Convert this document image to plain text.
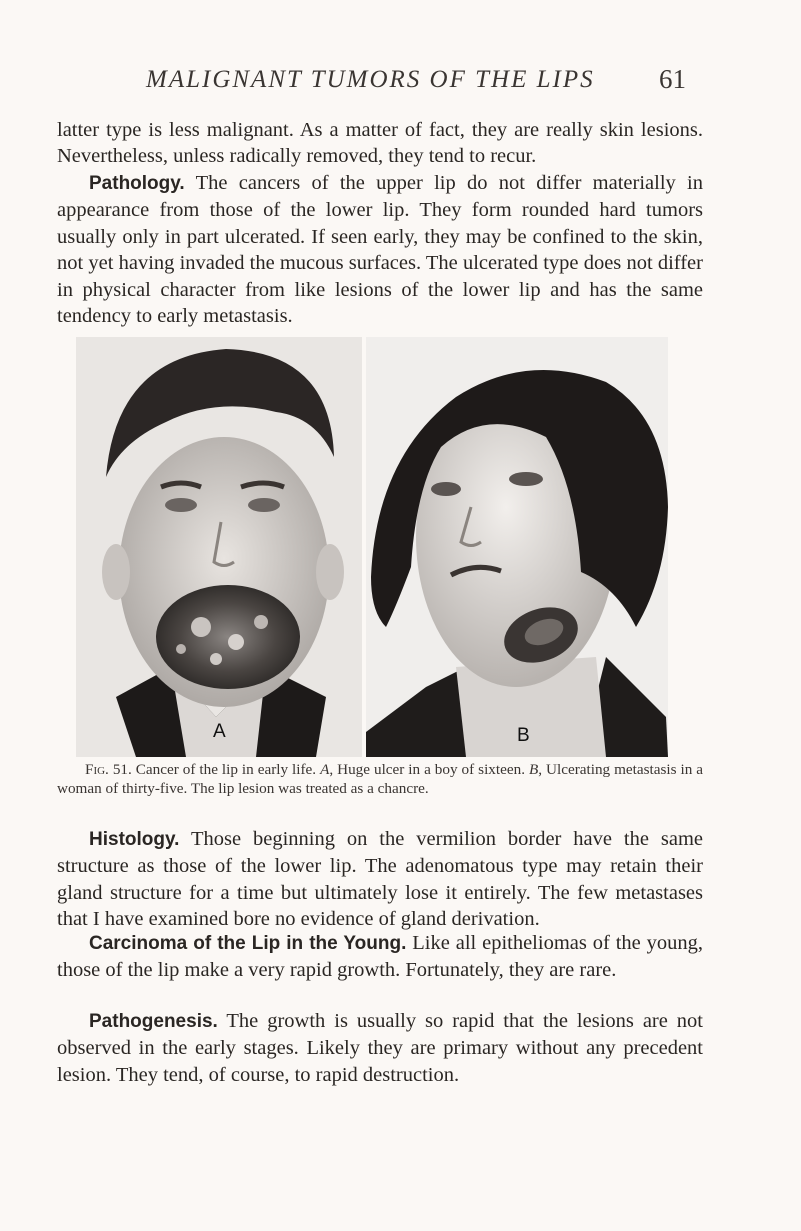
MALIGNANT TUMORS OF THE LIPS 61

latter type is less malignant. As a matter of fact, they are really skin lesions. Nevertheless, unless radically removed, they tend to recur.

Pathology. The cancers of the upper lip do not differ materially in appearance from those of the lower lip. They form rounded hard tumors usually only in part ulcerated. If seen early, they may be confined to the skin, not yet having invaded the mucous surfaces. The ulcerated type does not differ in physical character from like lesions of the lower lip and has the same tendency to early metastasis.

A	B

Fig. 51. Cancer of the lip in early life. A, Huge ulcer in a boy of sixteen. B, Ulcerating metastasis in a woman of thirty-five. The lip lesion was treated as a chancre.

Histology. Those beginning on the vermilion border have the same structure as those of the lower lip. The adenomatous type may retain their gland structure for a time but ultimately lose it entirely. The few metastases that I have examined bore no evidence of gland derivation.

Carcinoma of the Lip in the Young. Like all epitheliomas of the young, those of the lip make a very rapid growth. Fortunately, they are rare.

Pathogenesis. The growth is usually so rapid that the lesions are not observed in the early stages. Likely they are primary without any precedent lesion. They tend, of course, to rapid destruction.
